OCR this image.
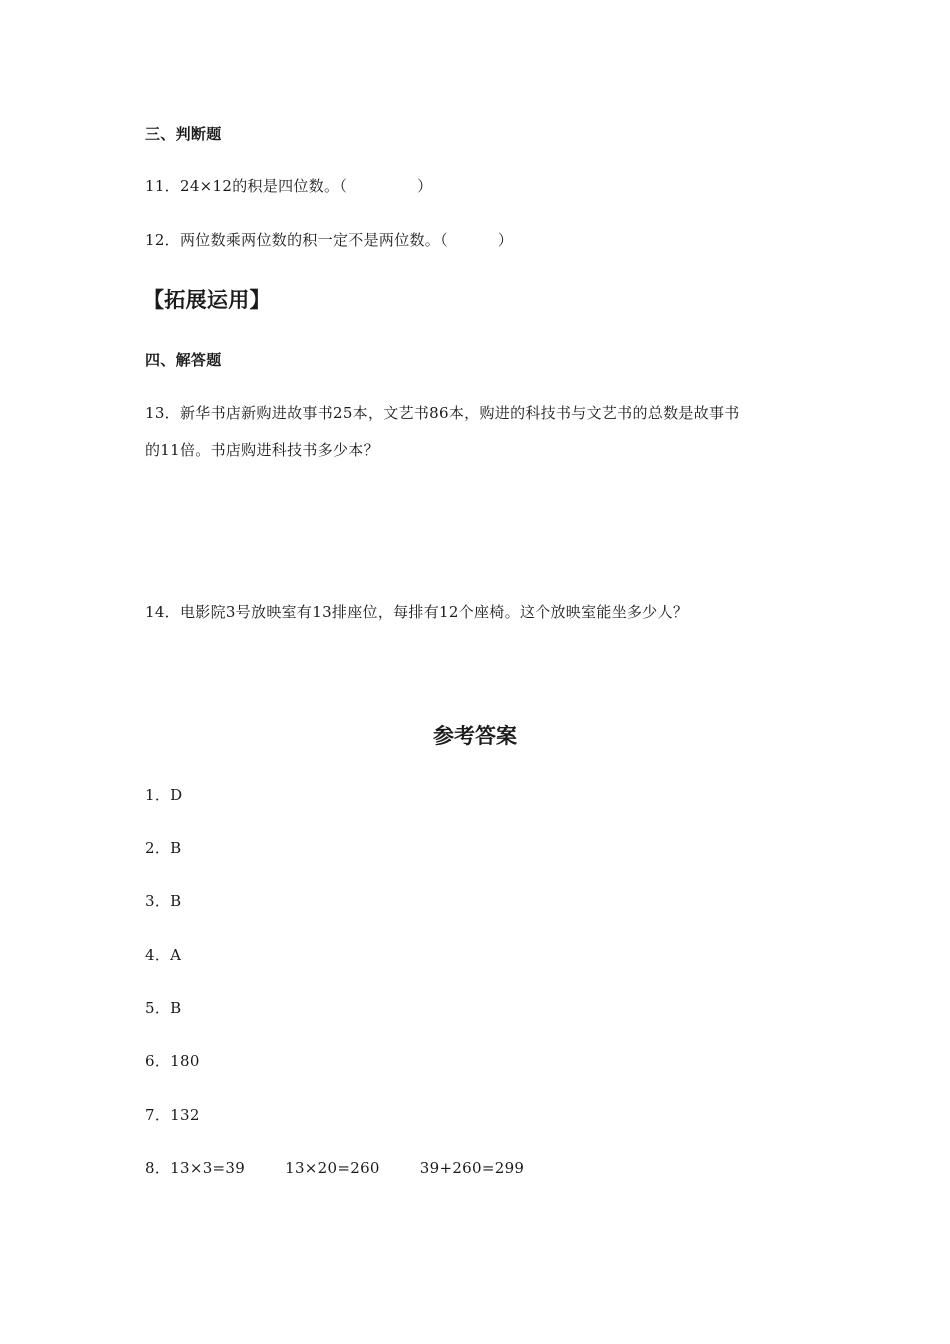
三、判断题
11．24×12的积是四位数。（	）
12．两位数乘两位数的积一定不是两位数。（	）
【拓展运用】
四、解答题
13．新华书店新购进故事书25本，文艺书86本，购进的科技书与文艺书的总数是故事书
的11倍。书店购进科技书多少本？
14．电影院3号放映室有13排座位，每排有12个座椅。这个放映室能坐多少人？
参考答案
1．D
2．B
3．B
4．A
5．B
6．180
7．132
8．13×3=39	13×20=260	39+260=299
